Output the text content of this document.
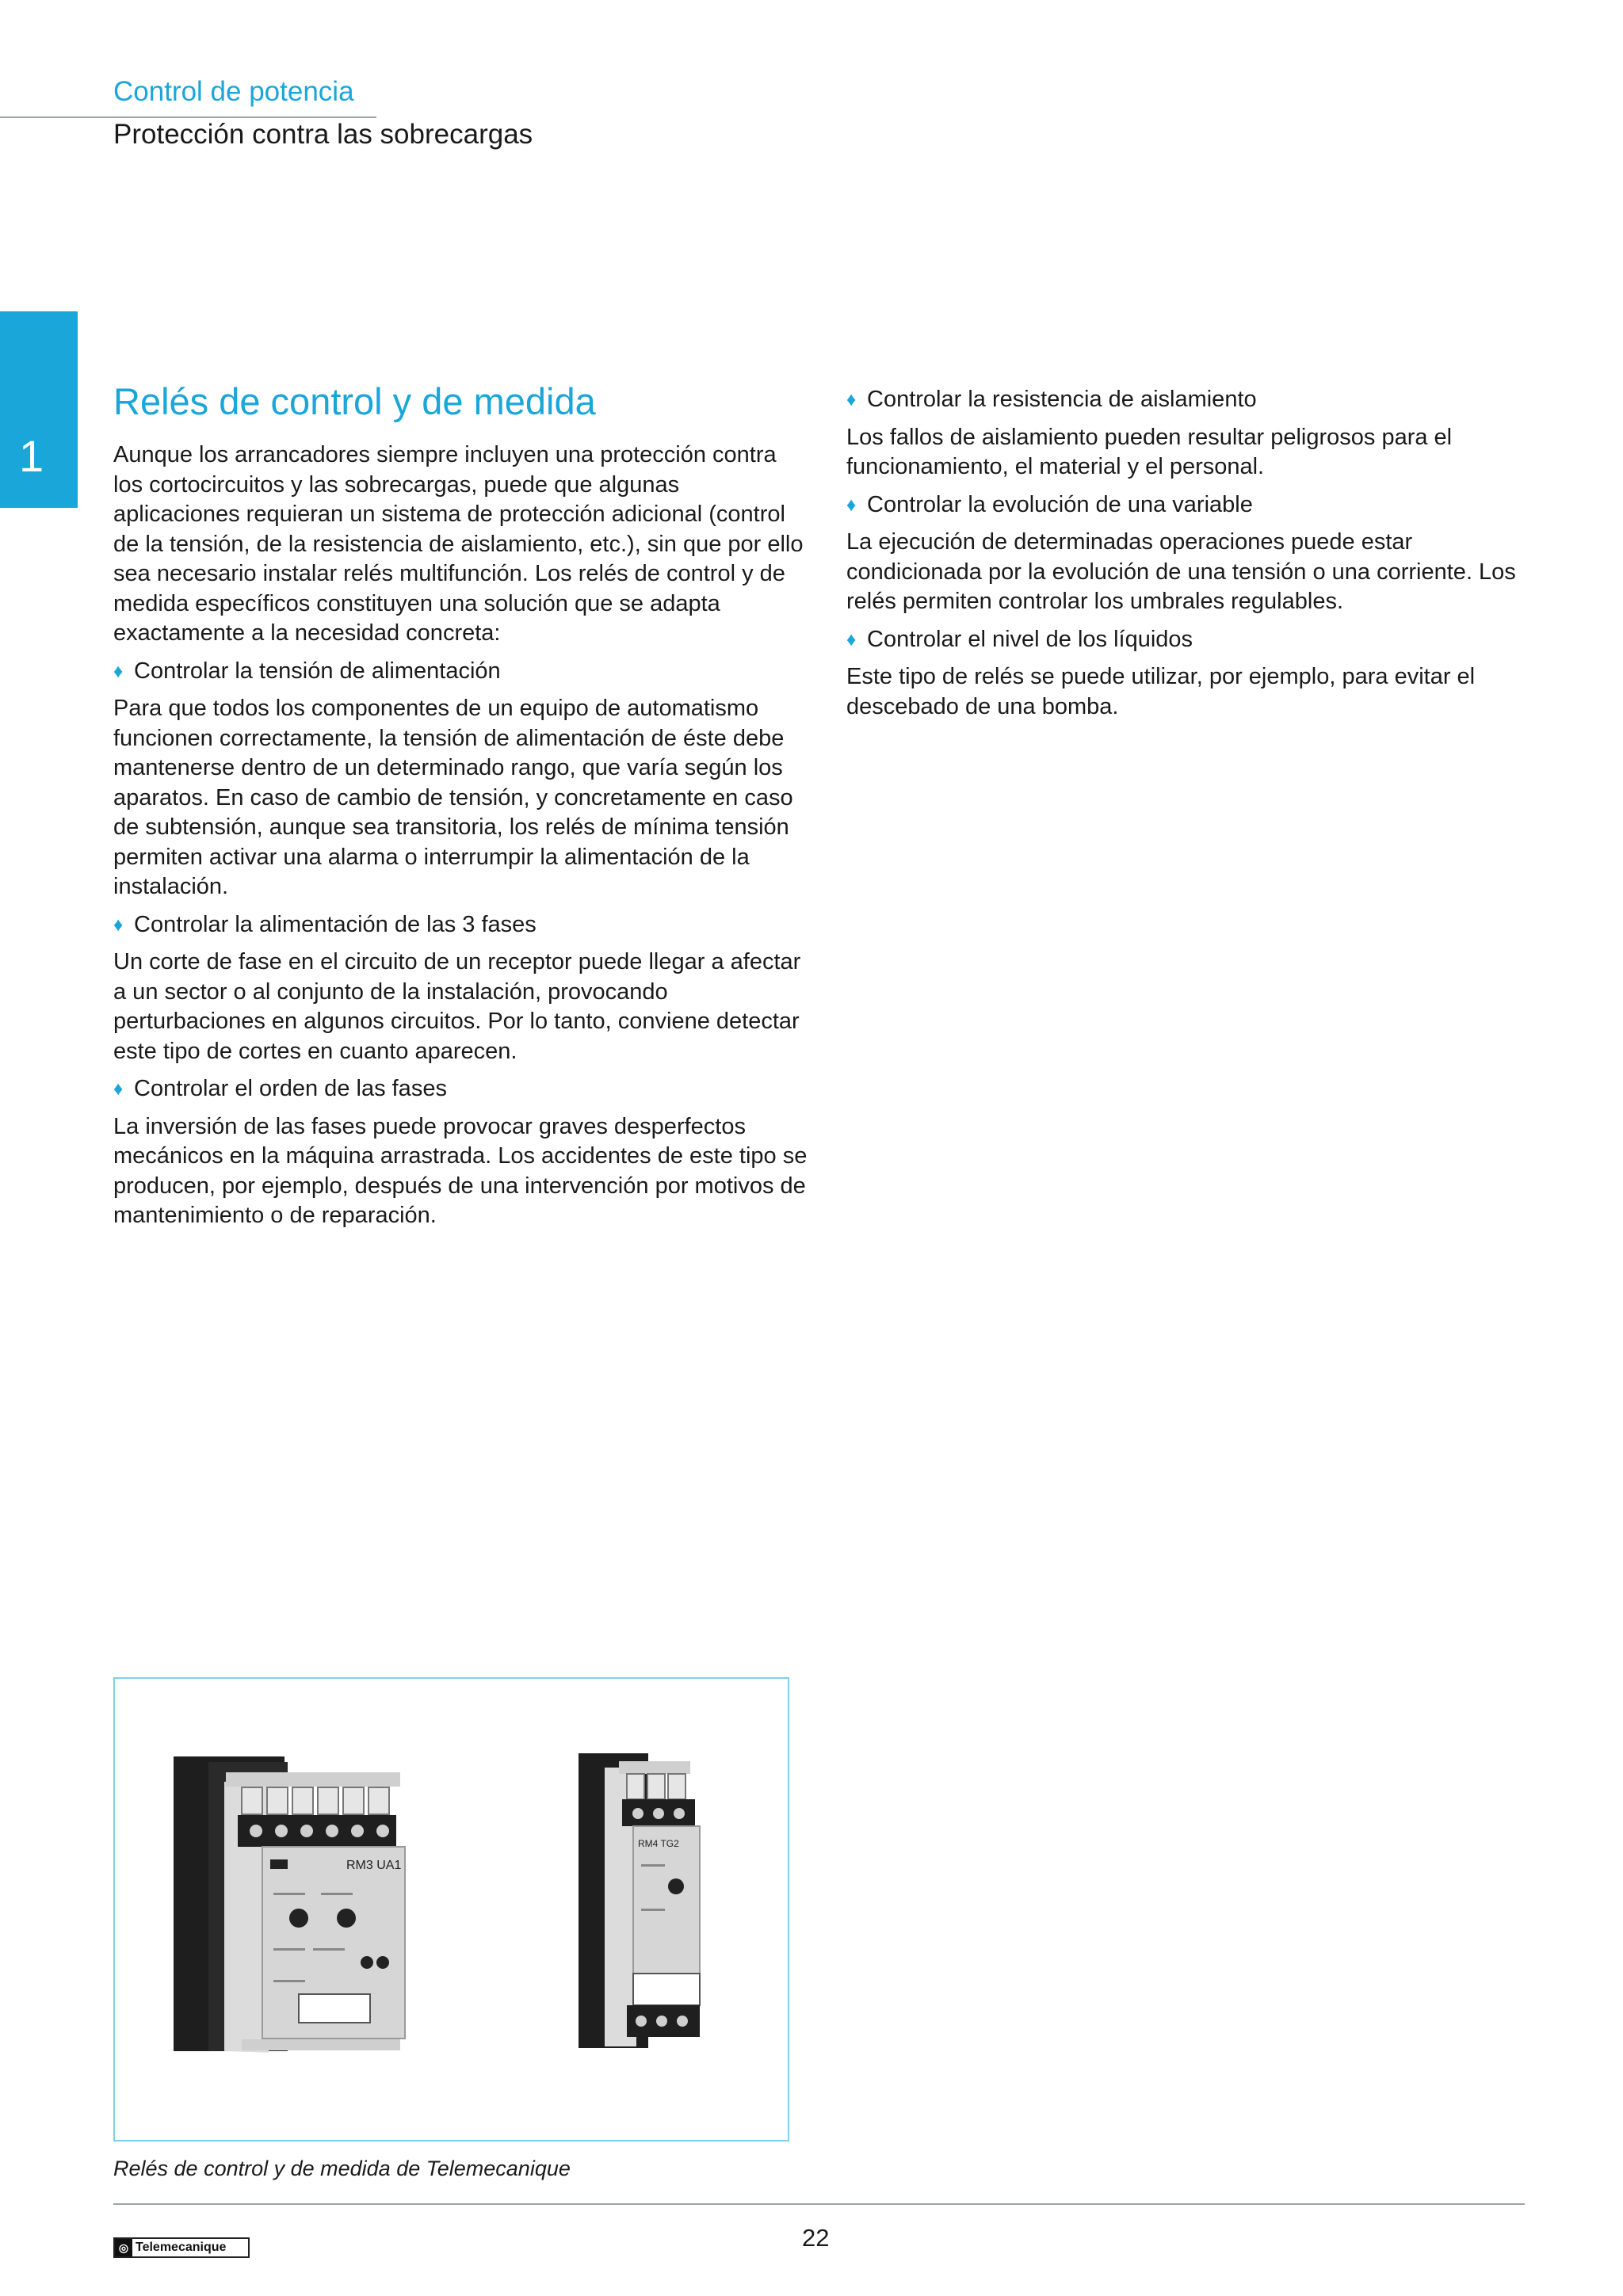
Control de potencia
Protección contra las sobrecargas
1
Relés de control y de medida

Aunque los arrancadores siempre incluyen una protección contra los cortocircuitos y las sobrecargas, puede que algunas aplicaciones requieran un sistema de protección adicional (control de la tensión, de la resistencia de aislamiento, etc.), sin que por ello sea necesario instalar relés multifunción. Los relés de control y de medida específicos constituyen una solución que se adapta exactamente a la necesidad concreta:

♦ Controlar la tensión de alimentación

Para que todos los componentes de un equipo de automatismo funcionen correctamente, la tensión de alimentación de éste debe mantenerse dentro de un determinado rango, que varía según los aparatos. En caso de cambio de tensión, y concretamente en caso de subtensión, aunque sea transitoria, los relés de mínima tensión permiten activar una alarma o interrumpir la alimentación de la instalación.

♦ Controlar la alimentación de las 3 fases

Un corte de fase en el circuito de un receptor puede llegar a afectar a un sector o al conjunto de la instalación, provocando perturbaciones en algunos circuitos. Por lo tanto, conviene detectar este tipo de cortes en cuanto aparecen.

♦ Controlar el orden de las fases

La inversión de las fases puede provocar graves desperfectos mecánicos en la máquina arrastrada. Los accidentes de este tipo se producen, por ejemplo, después de una intervención por motivos de mantenimiento o de reparación.

♦ Controlar la resistencia de aislamiento

Los fallos de aislamiento pueden resultar peligrosos para el funcionamiento, el material y el personal.

♦ Controlar la evolución de una variable

La ejecución de determinadas operaciones puede estar condicionada por la evolución de una tensión o una corriente. Los relés permiten controlar los umbrales regulables.

♦ Controlar el nivel de los líquidos

Este tipo de relés se puede utilizar, por ejemplo, para evitar el descebado de una bomba.

RM3 UA1
RM4 TG2
Relés de control y de medida de Telemecanique
22
◎ Telemecanique
